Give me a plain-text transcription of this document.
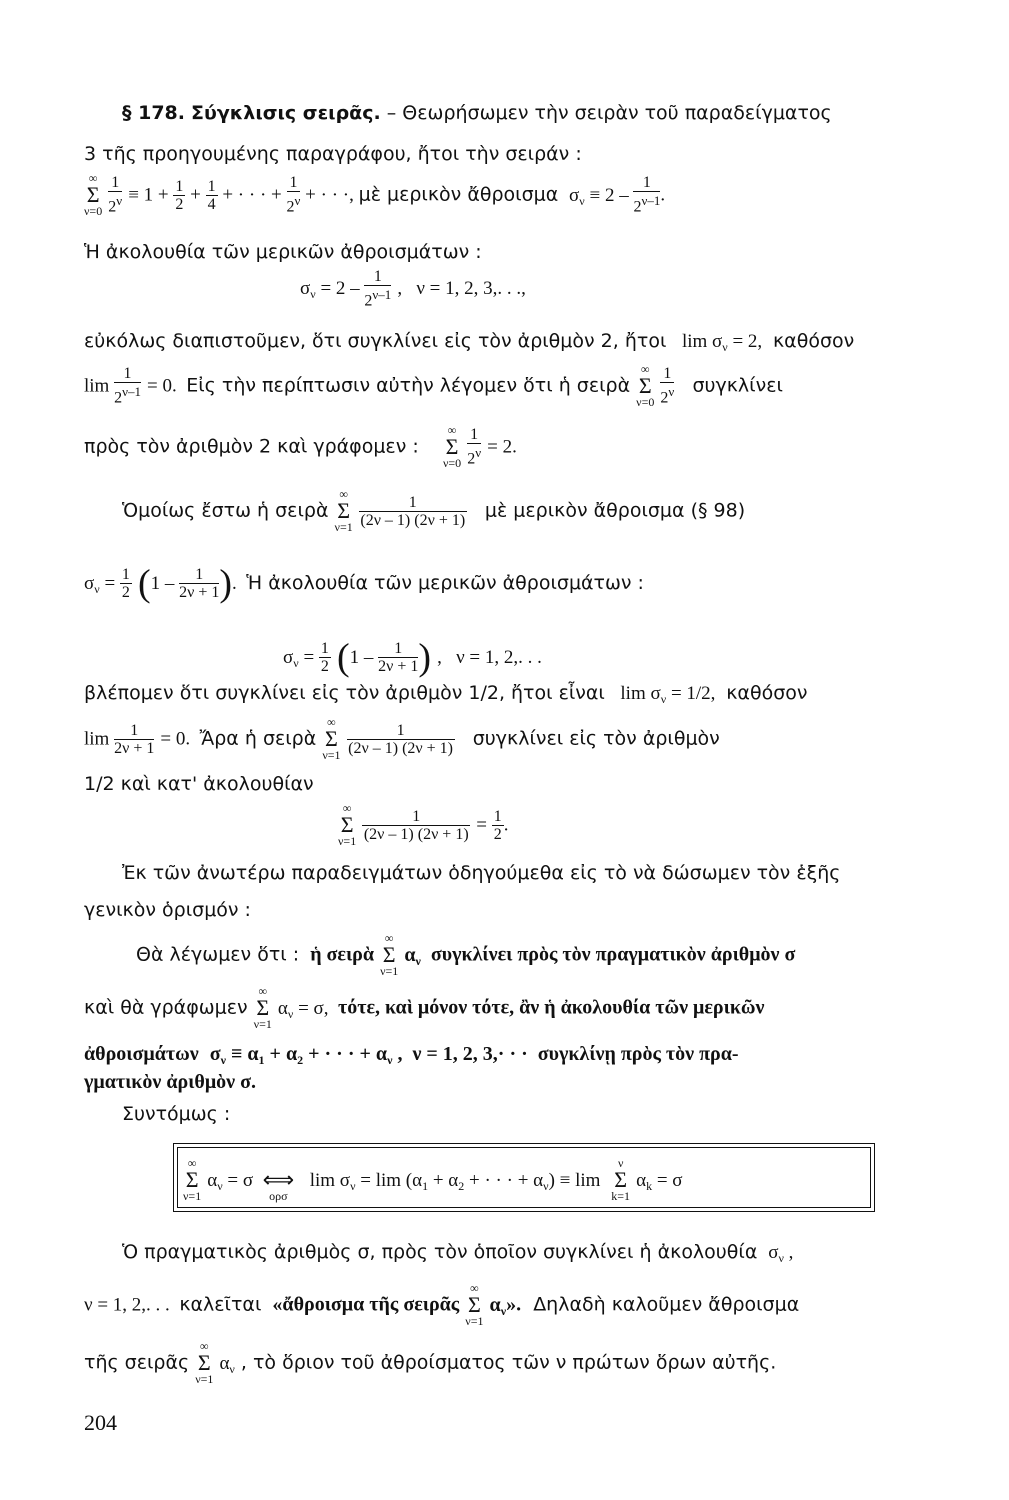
§ 178. Σύγκλισις σειρᾶς. – Θεωρήσωμεν τὴν σειρὰν τοῦ παραδείγματος
3 τῆς προηγουμένης παραγράφου, ἤτοι τὴν σειράν :
∞
Σ
ν=0
$\frac{1}{2^\nu} \equiv 1 + \frac{1}{2} + \frac{1}{4}$ + · · · + $\frac{1}{2^\nu}$ + · · ·, μὲ μερικὸν ἄθροισμα  $\sigma_\nu \equiv 2 - \frac{1}{2^{\nu-1}}$ .
Ἡ ἀκολουθία τῶν μερικῶν ἀθροισμάτων :
$\sigma_\nu = 2 - \frac{1}{2^{\nu-1}}$ ,   ν = 1, 2, 3,. . .,
εὐκόλως διαπιστοῦμεν, ὅτι συγκλίνει εἰς τὸν ἀριθμὸν 2, ἤτοι   $\lim \sigma_\nu = 2$,  καθόσον
$\lim \frac{1}{2^{\nu-1}} = 0$.  Εἰς τὴν περίπτωσιν αὐτὴν λέγομεν ὅτι ἡ σειρὰ
∞
Σ
ν=0
$\frac{1}{2^\nu}$ συγκλίνει
πρὸς τὸν ἀριθμὸν 2 καὶ γράφομεν :
∞
Σ
ν=0
$\frac{1}{2^\nu} = 2$.
Ὁμοίως ἔστω ἡ σειρὰ
∞
Σ
ν=1
$\frac{1}{(2\nu - 1) (2\nu + 1)}$ μὲ μερικὸν ἄθροισμα (§ 98)
$\sigma_\nu = \frac{1}{2} (1 - \frac{1}{2\nu + 1}$ ).  Ἡ ἀκολουθία τῶν μερικῶν ἀθροισμάτων :
$\sigma_\nu = \frac{1}{2} (1 - \frac{1}{2\nu + 1}$ ) ,   ν = 1, 2,. . .
βλέπομεν ὅτι συγκλίνει εἰς τὸν ἀριθμὸν 1/2, ἤτοι εἶναι   $\lim \sigma_\nu = 1/2$,  καθόσον
$\lim \frac{1}{2\nu + 1} = 0$.  Ἄρα ἡ σειρὰ
∞
Σ
ν=1
$\frac{1}{(2\nu - 1) (2\nu + 1)}$ συγκλίνει εἰς τὸν ἀριθμὸν
1/2 καὶ κατ' ἀκολουθίαν
∞
Σ
ν=1
$\frac{1}{(2\nu - 1) (2\nu + 1)} = \frac{1}{2}$ .
Ἐκ τῶν ἀνωτέρω παραδειγμάτων ὁδηγούμεθα εἰς τὸ νὰ δώσωμεν τὸν ἑξῆς
γενικὸν ὁρισμόν :
Θὰ λέγωμεν ὅτι : ἡ σειρὰ
∞
Σ
ν=1
$\alpha_\nu$ συγκλίνει πρὸς τὸν πραγματικὸν ἀριθμὸν σ
καὶ θὰ γράφωμεν
∞
Σ
ν=1
$\alpha_\nu = \sigma$,  τότε, καὶ μόνον τότε, ἂν ἡ ἀκολουθία τῶν μερικῶν
ἀθροισμάτων  $\sigma_\nu \equiv \alpha_1 + \alpha_2$ + · · · + $\alpha_\nu$ ,  ν = 1, 2, 3,· · ·  συγκλίνῃ πρὸς τὸν πρα-
γματικὸν ἀριθμὸν σ.
Συντόμως :
∞
Σ
ν=1
$\alpha_\nu = \sigma$
⟺
ορσ
$\lim \sigma_\nu = \lim (\alpha_1 + \alpha_2$ + · · · + $\alpha_\nu) \equiv \lim$
ν
Σ
k=1
$\alpha_k = \sigma$
Ὁ πραγματικὸς ἀριθμὸς σ, πρὸς τὸν ὁποῖον συγκλίνει ἡ ἀκολουθία  $\sigma_\nu$ ,
ν = 1, 2,. . .  καλεῖται «ἄθροισμα τῆς σειρᾶς
∞
Σ
ν=1
$\alpha_\nu$». Δηλαδὴ καλοῦμεν ἄθροισμα
τῆς σειρᾶς
∞
Σ
ν=1
$\alpha_\nu$ , τὸ ὅριον τοῦ ἀθροίσματος τῶν ν πρώτων ὅρων αὐτῆς.
204
